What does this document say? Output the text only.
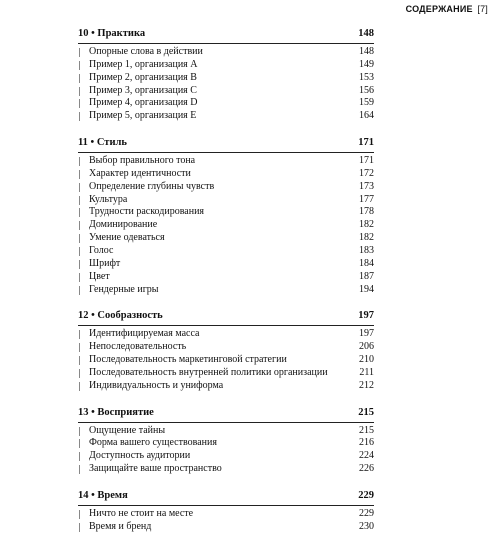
СОДЕРЖАНИЕ [7]
10 • Практика	148
Опорные слова в действии	148
Пример 1, организация A	149
Пример 2, организация B	153
Пример 3, организация C	156
Пример 4, организация D	159
Пример 5, организация E	164
11 • Стиль	171
Выбор правильного тона	171
Характер идентичности	172
Определение глубины чувств	173
Культура	177
Трудности раскодирования	178
Доминирование	182
Умение одеваться	182
Голос	183
Шрифт	184
Цвет	187
Гендерные игры	194
12 • Сообразность	197
Идентифицируемая масса	197
Непоследовательность	206
Последовательность маркетинговой стратегии	210
Последовательность внутренней политики организации	211
Индивидуальность и униформа	212
13 • Восприятие	215
Ощущение тайны	215
Форма вашего существования	216
Доступность аудитории	224
Защищайте ваше пространство	226
14 • Время	229
Ничто не стоит на месте	229
Время и бренд	230
